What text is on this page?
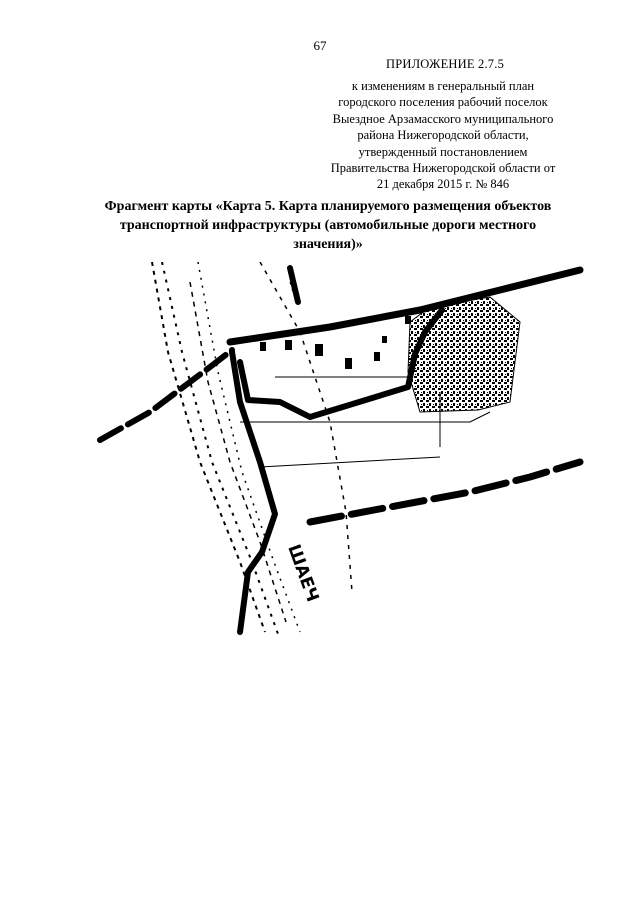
67
ПРИЛОЖЕНИЕ 2.7.5
к изменениям в генеральный план
городского поселения рабочий поселок
Выездное Арзамасского муниципального
района Нижегородской области,
утвержденный постановлением
Правительства Нижегородской области от
21 декабря 2015 г. № 846
Фрагмент карты «Карта 5. Карта планируемого размещения объектов
транспортной инфраструктуры (автомобильные дороги местного
значения)»
ШАЕЧ
